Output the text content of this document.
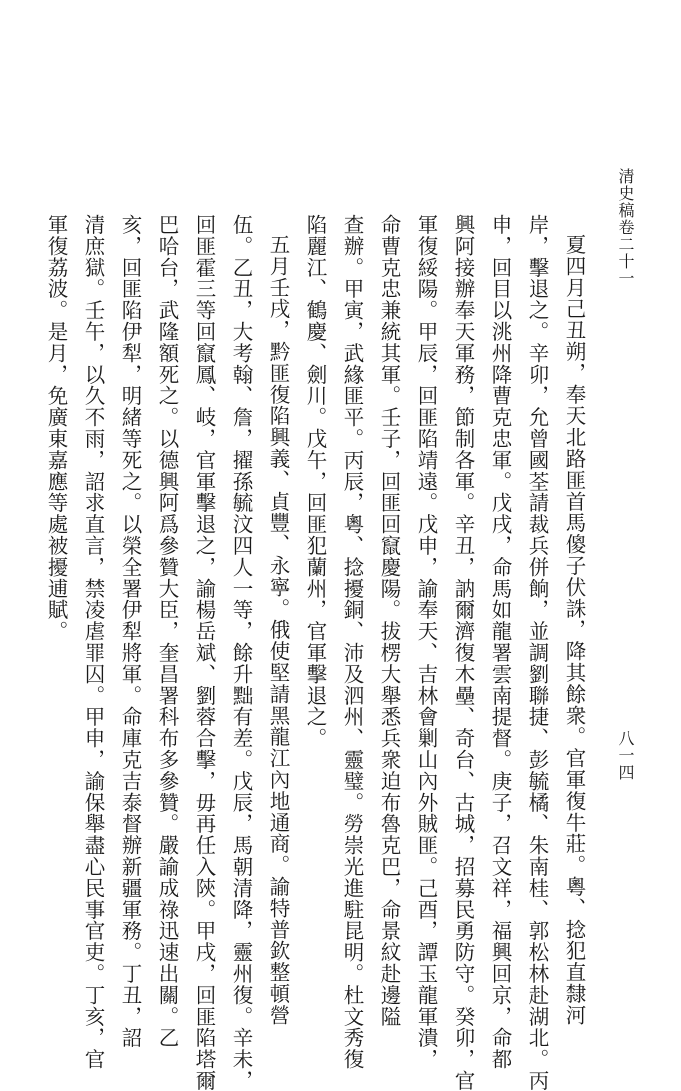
清史稿卷二十一
八一四
夏四月己丑朔，奉天北路匪首馬傻子伏誅，降其餘衆。官軍復牛莊。粵、捻犯直隸河
岸，擊退之。辛卯，允曾國荃請裁兵併餉，並調劉聯捷、彭毓橘、朱南桂、郭松林赴湖北。丙
申，回目以洮州降曹克忠軍。戊戌，命馬如龍署雲南提督。庚子，召文祥，福興回京，命都
興阿接辦奉天軍務，節制各軍。辛丑，訥爾濟復木壘、奇台、古城，招募民勇防守。癸卯，官
軍復綏陽。甲辰，回匪陷靖遠。戊申，諭奉天、吉林會剿山內外賊匪。己酉，譚玉龍軍潰，
命曹克忠兼統其軍。壬子，回匪回竄慶陽。拔楞大舉悉兵衆迫布魯克巴，命景紋赴邊隘
查辦。甲寅，武緣匪平。丙辰，粵、捻擾銅、沛及泗州、靈璧。勞崇光進駐昆明。杜文秀復
陷麗江、鶴慶、劍川。戊午，回匪犯蘭州，官軍擊退之。
五月壬戌，黔匪復陷興義、貞豐、永寧。俄使堅請黑龍江內地通商。諭特普欽整頓營
伍。乙丑，大考翰、詹，擢孫毓汶四人一等，餘升黜有差。戊辰，馬朝清降，靈州復。辛未，
回匪霍三等回竄鳳、岐，官軍擊退之，諭楊岳斌、劉蓉合擊，毋再任入陝。甲戌，回匪陷塔爾
巴哈台，武隆額死之。以德興阿爲參贊大臣，奎昌署科布多參贊。嚴諭成祿迅速出關。乙
亥，回匪陷伊犁，明緒等死之。以榮全署伊犁將軍。命庫克吉泰督辦新疆軍務。丁丑，詔
清庶獄。壬午，以久不雨，詔求直言，禁凌虐罪囚。甲申，諭保舉盡心民事官吏。丁亥，官
軍復荔波。是月，免廣東嘉應等處被擾逋賦。
